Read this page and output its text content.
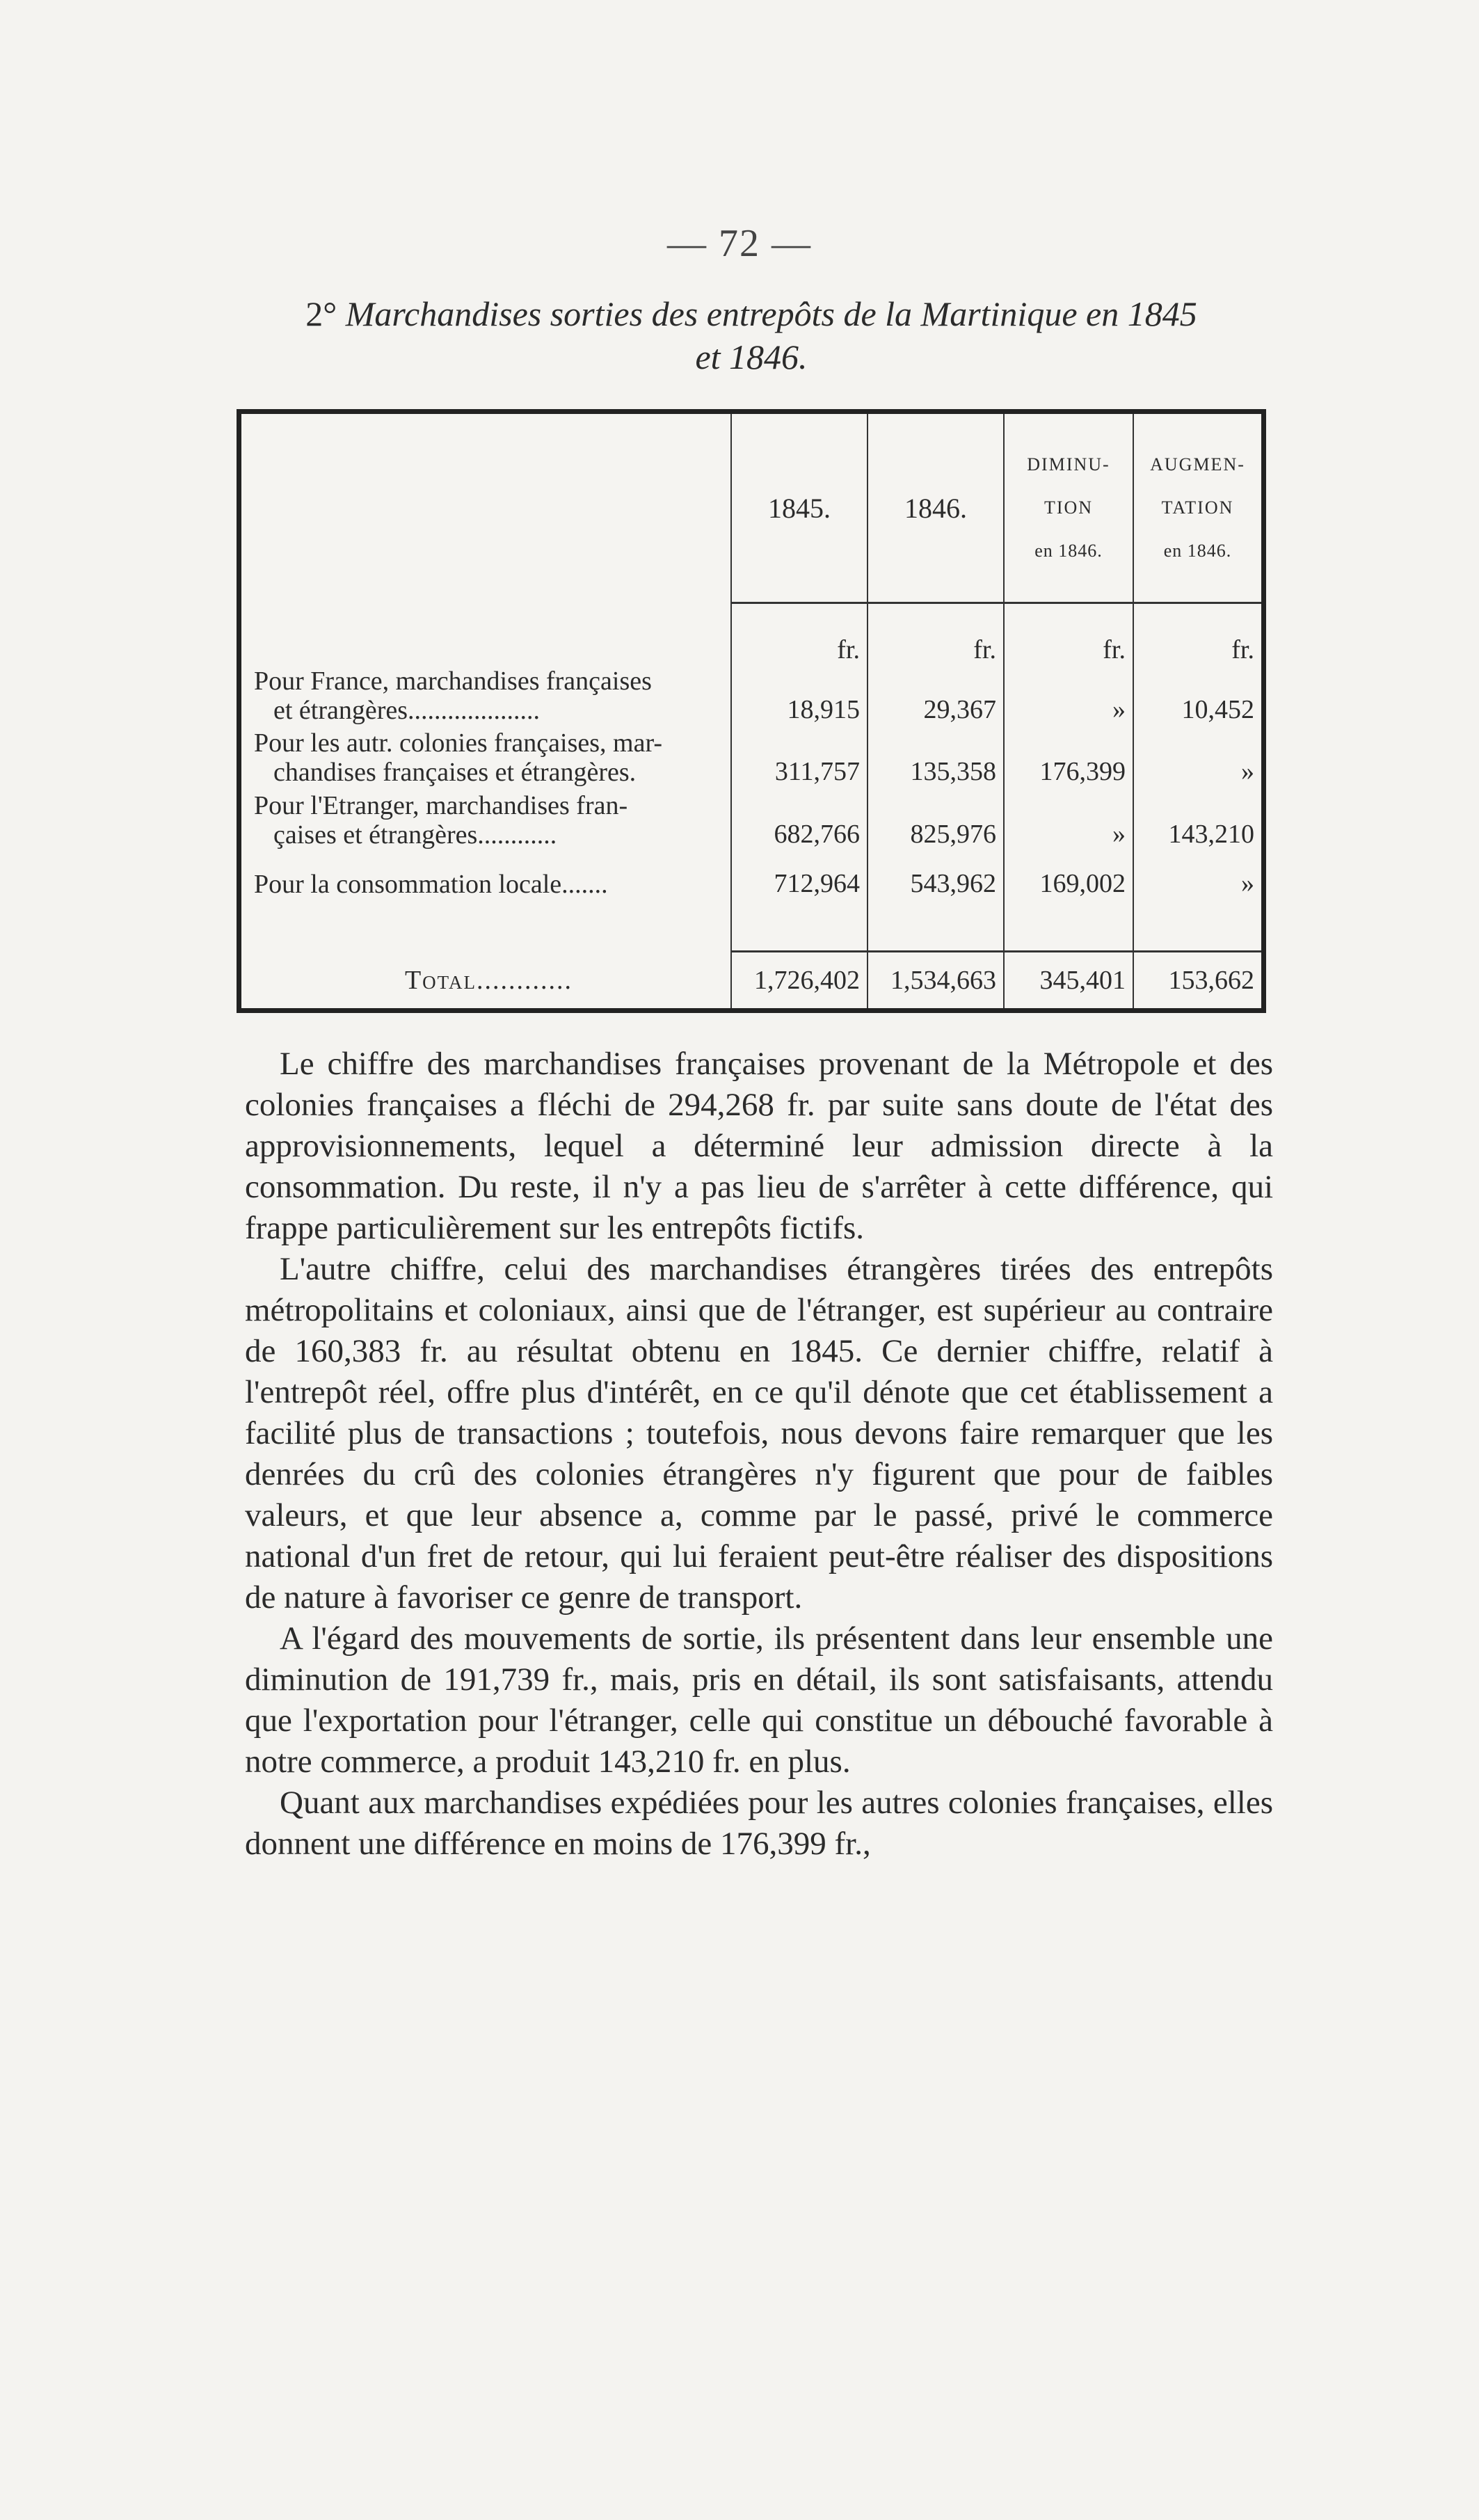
— 72 —
2° Marchandises sorties des entrepôts de la Martinique en 1845
et 1846.
	1845.	1846.	DIMINU-
TION
en 1846.	AUGMEN-
TATION
en 1846.

	fr.	fr.	fr.	fr.
Pour France, marchandises françaises
et étrangères....................	18,915	29,367	»	10,452
Pour les autr. colonies françaises, mar-
chandises françaises et étrangères.	311,757	135,358	176,399	»
Pour l'Etranger, marchandises fran-
çaises et étrangères............	682,766	825,976	»	143,210
Pour la consommation locale.......	712,964	543,962	169,002	»

Total............	1,726,402	1,534,663	345,401	153,662

Le chiffre des marchandises françaises provenant de la Métropole et des colonies françaises a fléchi de 294,268 fr. par suite sans doute de l'état des approvisionnements, lequel a déterminé leur admission directe à la consommation. Du reste, il n'y a pas lieu de s'arrêter à cette différence, qui frappe particulièrement sur les entrepôts fictifs.

L'autre chiffre, celui des marchandises étrangères tirées des entrepôts métropolitains et coloniaux, ainsi que de l'étranger, est supérieur au contraire de 160,383 fr. au résultat obtenu en 1845. Ce dernier chiffre, relatif à l'entrepôt réel, offre plus d'intérêt, en ce qu'il dénote que cet établissement a facilité plus de transactions ; toutefois, nous devons faire remarquer que les denrées du crû des colonies étrangères n'y figurent que pour de faibles valeurs, et que leur absence a, comme par le passé, privé le commerce national d'un fret de retour, qui lui feraient peut-être réaliser des dispositions de nature à favoriser ce genre de transport.

A l'égard des mouvements de sortie, ils présentent dans leur ensemble une diminution de 191,739 fr., mais, pris en détail, ils sont satisfaisants, attendu que l'exportation pour l'étranger, celle qui constitue un débouché favorable à notre commerce, a produit 143,210 fr. en plus.

Quant aux marchandises expédiées pour les autres colonies françaises, elles donnent une différence en moins de 176,399 fr.,
